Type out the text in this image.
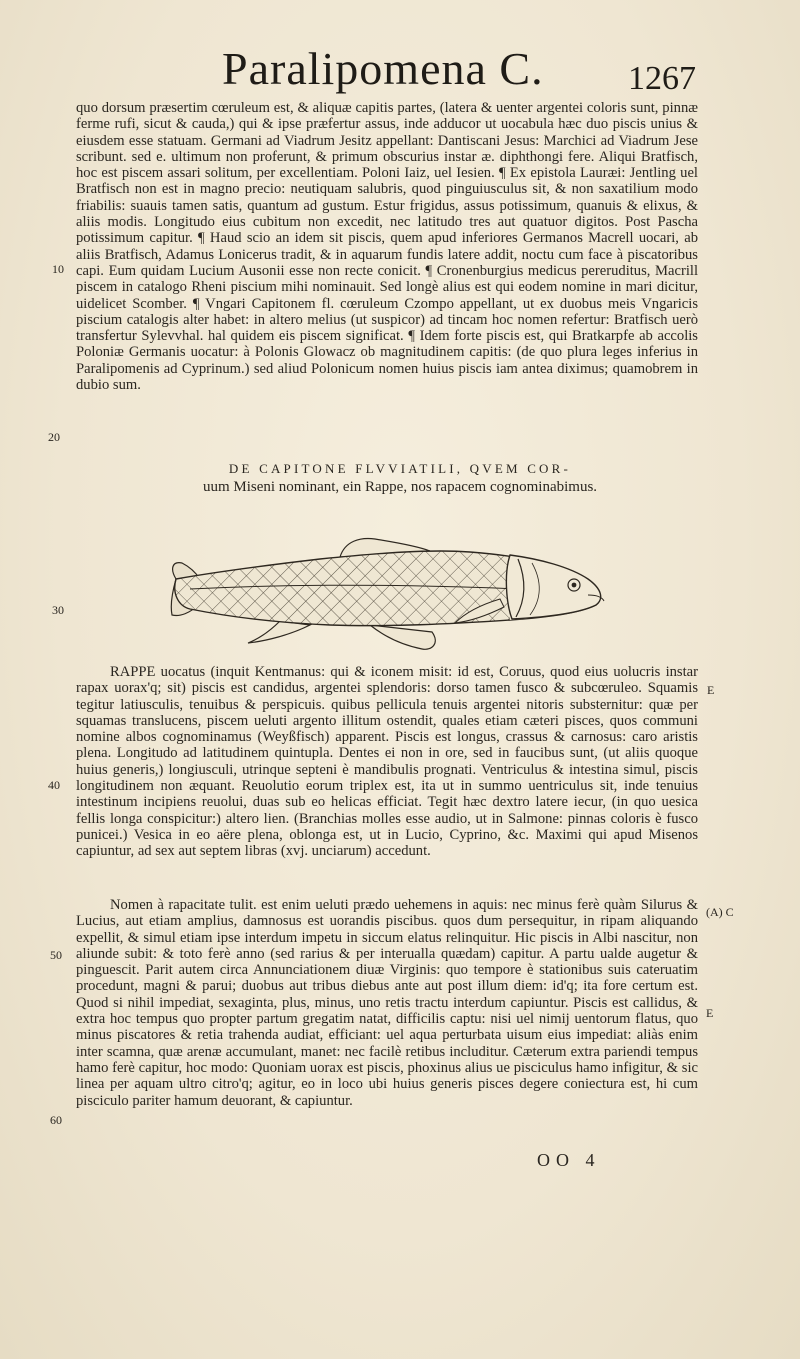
Paralipomena C. 1267
quo dorsum præsertim cœruleum est, & aliquæ capitis partes, (latera & uenter argentei coloris sunt, pinnæ ferme rufi, sicut & cauda,) qui & ipse præfertur assus, inde adducor ut uocabula hæc duo piscis unius & eiusdem esse statuam. Germani ad Viadrum Jesitz appellant: Dantiscani Jesus: Marchici ad Viadrum Jese scribunt. sed e. ultimum non proferunt, & primum obscurius instar æ. diphthongi fere. Aliqui Bratfisch, hoc est piscem assari solitum, per excellentiam. Poloni Iaiz, uel Iesien. ¶ Ex epistola Lauræi: Jentling uel Bratfisch non est in magno precio: neutiquam salubris, quod pinguiusculus sit, & non saxatilium modo friabilis: suauis tamen satis, quantum ad gustum. Estur frigidus, assus potissimum, quanuis & elixus, & aliis modis. Longitudo eius cubitum non excedit, nec latitudo tres aut quatuor digitos. Post Pascha potissimum capitur. ¶ Haud scio an idem sit piscis, quem apud inferiores Germanos Macrell uocari, ab aliis Bratfisch, Adamus Lonicerus tradit, & in aquarum fundis latere addit, noctu cum face à piscatoribus capi. Eum quidam Lucium Ausonii esse non recte conicit. ¶ Cronenburgius medicus pereruditus, Macrill piscem in catalogo Rheni piscium mihi nominauit. Sed longè alius est qui eodem nomine in mari dicitur, uidelicet Scomber. ¶ Vngari Capitonem fl. cœruleum Czompo appellant, ut ex duobus meis Vngaricis piscium catalogis alter habet: in altero melius (ut suspicor) ad tincam hoc nomen refertur: Bratfisch uerò transfertur Sylevvhal. hal quidem eis piscem significat. ¶ Idem forte piscis est, qui Bratkarpfe ab accolis Poloniæ Germanis uocatur: à Polonis Glowacz ob magnitudinem capitis: (de quo plura leges inferius in Paralipomenis ad Cyprinum.) sed aliud Polonicum nomen huius piscis iam antea diximus; quamobrem in dubio sum.
10
20
30
40
50
60
DE CAPITONE FLVVIATILI, QVEM COR-
uum Miseni nominant, ein Rappe, nos rapacem cognominabimus.
RAPPE uocatus (inquit Kentmanus: qui & iconem misit: id est, Coruus, quod eius uolucris instar rapax uorax'q; sit) piscis est candidus, argentei splendoris: dorso tamen fusco & subcœruleo. Squamis tegitur latiusculis, tenuibus & perspicuis. quibus pellicula tenuis argentei nitoris substernitur: quæ per squamas translucens, piscem ueluti argento illitum ostendit, quales etiam cæteri pisces, quos communi nomine albos cognominamus (Weyßfisch) apparent. Piscis est longus, crassus & carnosus: caro aristis plena. Longitudo ad latitudinem quintupla. Dentes ei non in ore, sed in faucibus sunt, (ut aliis quoque huius generis,) longiusculi, utrinque septeni è mandibulis prognati. Ventriculus & intestina simul, piscis longitudinem non æquant. Reuolutio eorum triplex est, ita ut in summo uentriculus sit, inde tenuius intestinum incipiens reuolui, duas sub eo helicas efficiat. Tegit hæc dextro latere iecur, (in quo uesica fellis longa conspicitur:) altero lien. (Branchias molles esse audio, ut in Salmone: pinnas coloris è fusco punicei.) Vesica in eo aëre plena, oblonga est, ut in Lucio, Cyprino, &c. Maximi qui apud Misenos capiuntur, ad sex aut septem libras (xvj. unciarum) accedunt.
Nomen à rapacitate tulit. est enim ueluti prædo uehemens in aquis: nec minus ferè quàm Silurus & Lucius, aut etiam amplius, damnosus est uorandis piscibus. quos dum persequitur, in ripam aliquando expellit, & simul etiam ipse interdum impetu in siccum elatus relinquitur. Hic piscis in Albi nascitur, non aliunde subit: & toto ferè anno (sed rarius & per interualla quædam) capitur. A partu ualde augetur & pinguescit. Parit autem circa Annunciationem diuæ Virginis: quo tempore è stationibus suis cateruatim procedunt, magni & parui; duobus aut tribus diebus ante aut post illum diem: id'q; ita fore certum est. Quod si nihil impediat, sexaginta, plus, minus, uno retis tractu interdum capiuntur. Piscis est callidus, & extra hoc tempus quo propter partum gregatim natat, difficilis captu: nisi uel nimij uentorum flatus, quo minus piscatores & retia trahenda audiat, efficiant: uel aqua perturbata uisum eius impediat: aliàs enim inter scamna, quæ arenæ accumulant, manet: nec facilè retibus includitur. Cæterum extra pariendi tempus hamo ferè capitur, hoc modo: Quoniam uorax est piscis, phoxinus alius ue pisciculus hamo infigitur, & sic linea per aquam ultro citro'q; agitur, eo in loco ubi huius generis pisces degere coniectura est, hi cum pisciculo pariter hamum deuorant, & capiuntur.
E
(A) C
E
OO 4
